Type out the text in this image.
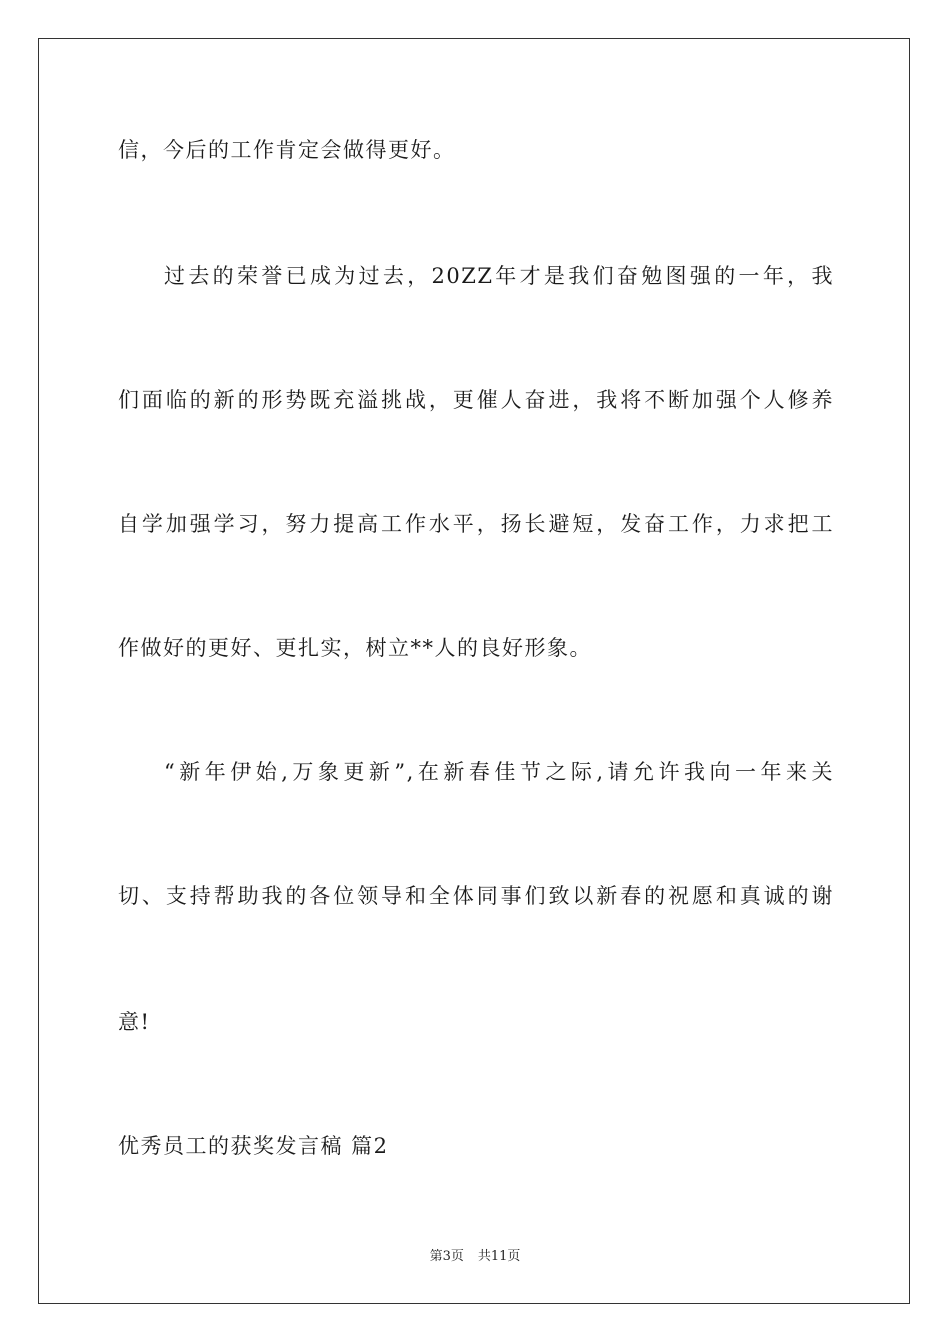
信，今后的工作肯定会做得更好。
过去的荣誉已成为过去，20ZZ年才是我们奋勉图强的一年，我
们面临的新的形势既充溢挑战，更催人奋进，我将不断加强个人修养
自学加强学习，努力提高工作水平，扬长避短，发奋工作，力求把工
作做好的更好、更扎实，树立**人的良好形象。
“新年伊始,万象更新”,在新春佳节之际,请允许我向一年来关
切、支持帮助我的各位领导和全体同事们致以新春的祝愿和真诚的谢
意!
优秀员工的获奖发言稿 篇2
第3页 共11页
